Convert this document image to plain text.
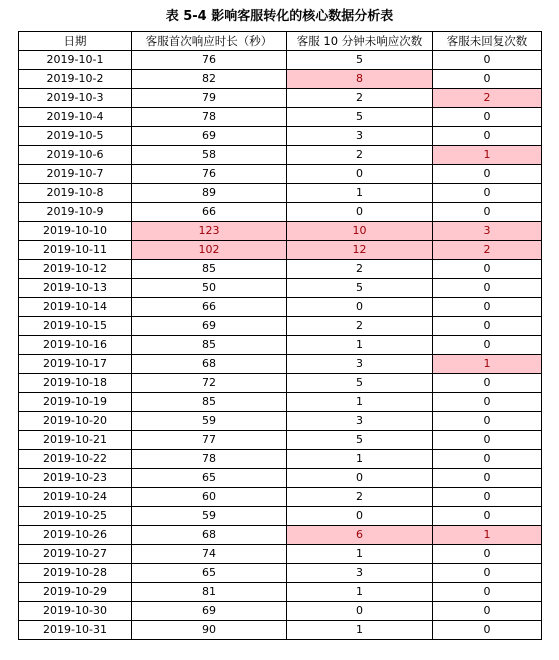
表 5-4 影响客服转化的核心数据分析表
日期	客服首次响应时长（秒）	客服 10 分钟未响应次数	客服未回复次数
2019-10-1	76	5	0
2019-10-2	82	8	0
2019-10-3	79	2	2
2019-10-4	78	5	0
2019-10-5	69	3	0
2019-10-6	58	2	1
2019-10-7	76	0	0
2019-10-8	89	1	0
2019-10-9	66	0	0
2019-10-10	123	10	3
2019-10-11	102	12	2
2019-10-12	85	2	0
2019-10-13	50	5	0
2019-10-14	66	0	0
2019-10-15	69	2	0
2019-10-16	85	1	0
2019-10-17	68	3	1
2019-10-18	72	5	0
2019-10-19	85	1	0
2019-10-20	59	3	0
2019-10-21	77	5	0
2019-10-22	78	1	0
2019-10-23	65	0	0
2019-10-24	60	2	0
2019-10-25	59	0	0
2019-10-26	68	6	1
2019-10-27	74	1	0
2019-10-28	65	3	0
2019-10-29	81	1	0
2019-10-30	69	0	0
2019-10-31	90	1	0
